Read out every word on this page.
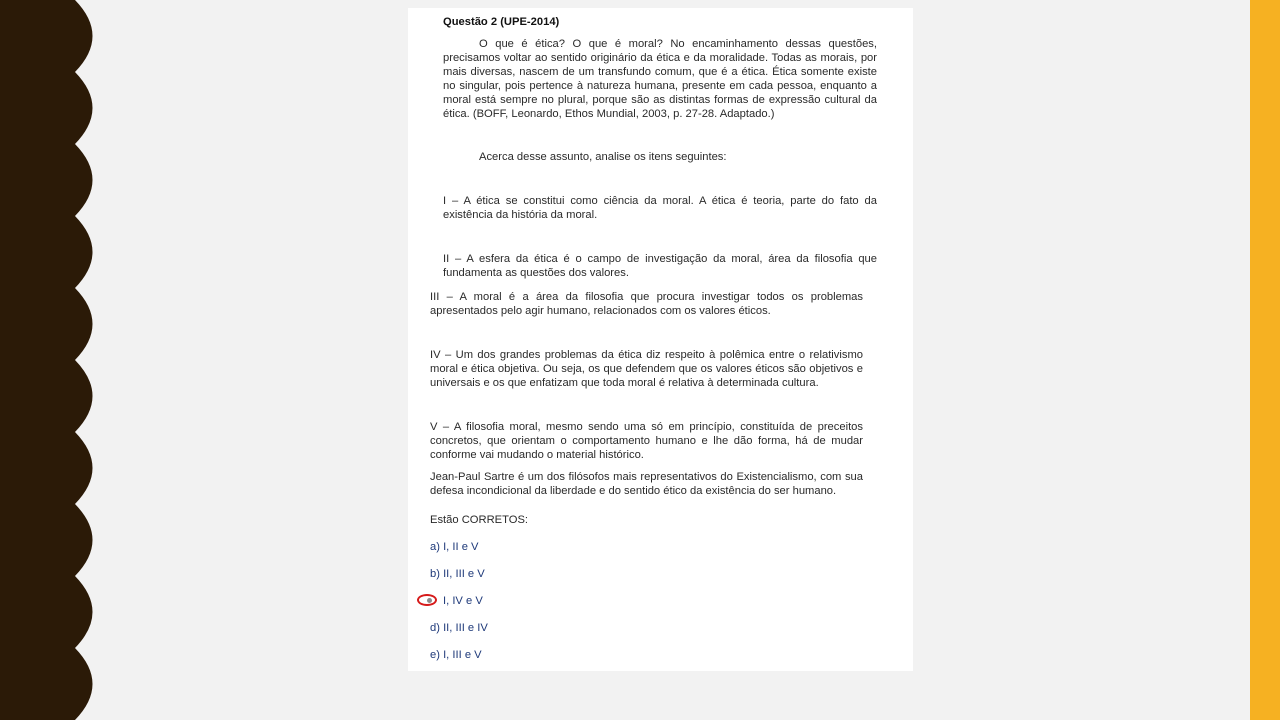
Questão 2 (UPE-2014)

O que é ética? O que é moral? No encaminhamento dessas questões, precisamos voltar ao sentido originário da ética e da moralidade. Todas as morais, por mais diversas, nascem de um transfundo comum, que é a ética. Ética somente existe no singular, pois pertence à natureza humana, presente em cada pessoa, enquanto a moral está sempre no plural, porque são as distintas formas de expressão cultural da ética. (BOFF, Leonardo, Ethos Mundial, 2003, p. 27-28. Adaptado.)

Acerca desse assunto, analise os itens seguintes:

I – A ética se constitui como ciência da moral. A ética é teoria, parte do fato da existência da história da moral.

II – A esfera da ética é o campo de investigação da moral, área da filosofia que fundamenta as questões dos valores.

III – A moral é a área da filosofia que procura investigar todos os problemas apresentados pelo agir humano, relacionados com os valores éticos.

IV – Um dos grandes problemas da ética diz respeito à polêmica entre o relativismo moral e ética objetiva. Ou seja, os que defendem que os valores éticos são objetivos e universais e os que enfatizam que toda moral é relativa à determinada cultura.

V – A filosofia moral, mesmo sendo uma só em princípio, constituída de preceitos concretos, que orientam o comportamento humano e lhe dão forma, há de mudar conforme vai mudando o material histórico.

Jean-Paul Sartre é um dos filósofos mais representativos do Existencialismo, com sua defesa incondicional da liberdade e do sentido ético da existência do ser humano.

Estão CORRETOS:
a) I, II e V
b) II, III e V
I, IV e V
d) II, III e IV
e) I, III e V
